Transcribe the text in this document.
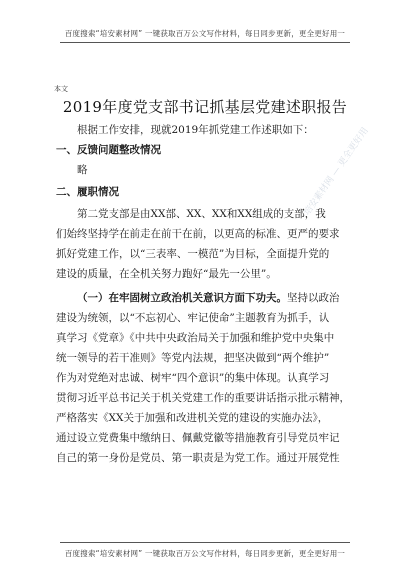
百度搜索“培安素材网” 一键获取百万公文写作材料，每日同步更新，更全更好用一
培安素材网 — 更全更好用
本文
2019年度党支部书记抓基层党建述职报告
根据工作安排，现就2019年抓党建工作述职如下：
一、反馈问题整改情况
略
二、履职情况
第二党支部是由XX部、XX、XX和XX组成的支部，我
们始终坚持学在前走在前干在前，以更高的标准、更严的要求
抓好党建工作，以“三表率、一模范”为目标，全面提升党的
建设的质量，在全机关努力跑好“最先一公里”。
（一）在牢固树立政治机关意识方面下功夫。坚持以政治
建设为统领，以“不忘初心、牢记使命”主题教育为抓手，认
真学习《党章》《中共中央政治局关于加强和维护党中央集中
统一领导的若干准则》等党内法规，把坚决做到“两个维护”
作为对党绝对忠诚、树牢“四个意识”的集中体现。认真学习
贯彻习近平总书记关于机关党建工作的重要讲话指示批示精神，
严格落实《XX关于加强和改进机关党的建设的实施办法》，
通过设立党费集中缴纳日、佩戴党徽等措施教育引导党员牢记
自己的第一身份是党员、第一职责是为党工作。通过开展党性
百度搜索“培安素材网” 一键获取百万公文写作材料，每日同步更新，更全更好用一
